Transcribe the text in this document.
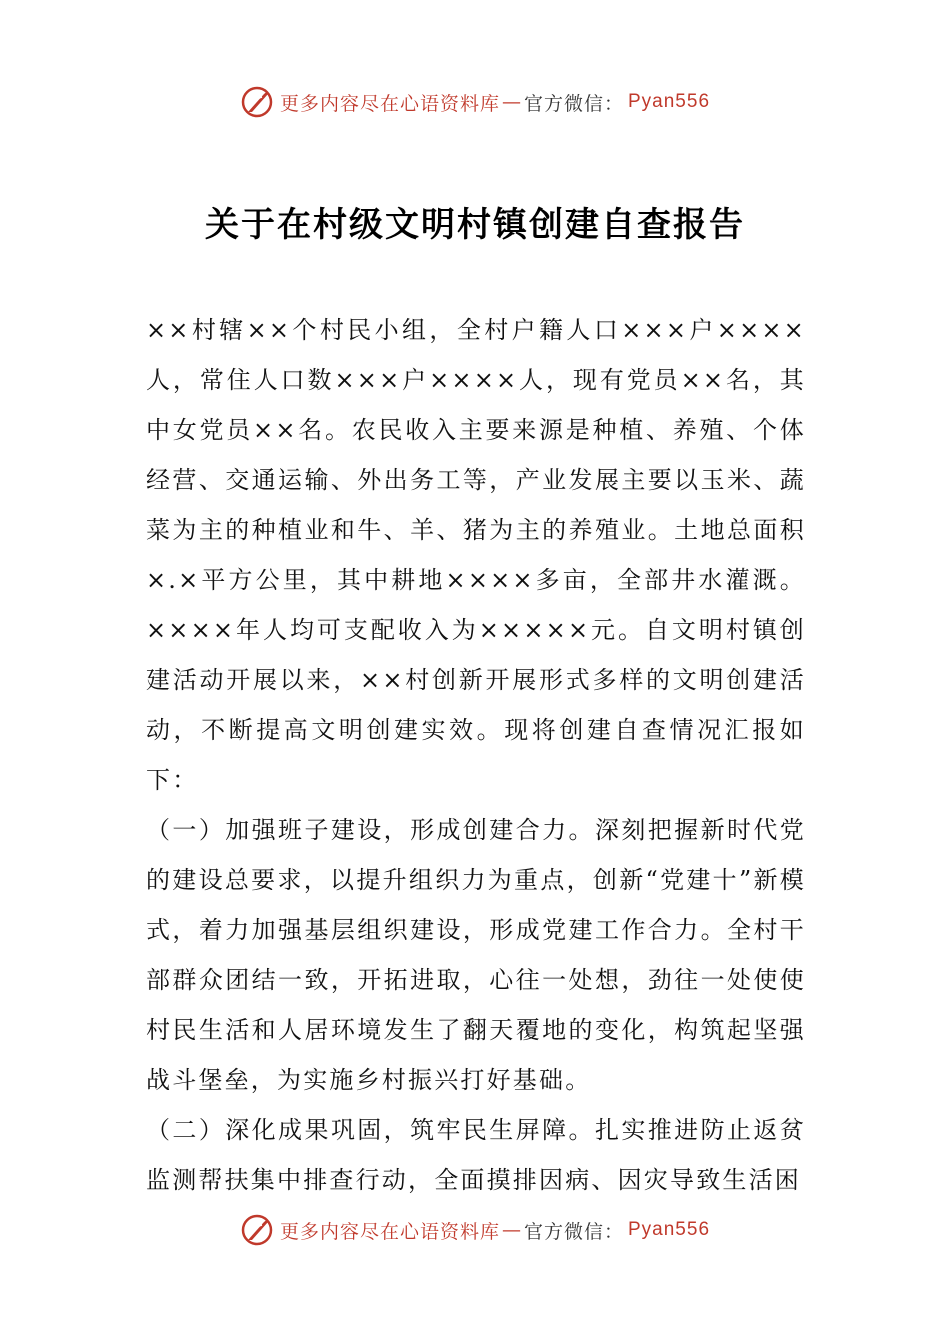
更多内容尽在心语资料库 — 官方微信： Pyan556
关于在村级文明村镇创建自查报告

××村辖××个村民小组，全村户籍人口×××户××××人，常住人口数×××户××××人，现有党员××名，其中女党员××名。农民收入主要来源是种植、养殖、个体经营、交通运输、外出务工等，产业发展主要以玉米、蔬菜为主的种植业和牛、羊、猪为主的养殖业。土地总面积×.×平方公里，其中耕地××××多亩，全部井水灌溉。××××年人均可支配收入为×××××元。自文明村镇创建活动开展以来，××村创新开展形式多样的文明创建活动，不断提高文明创建实效。现将创建自查情况汇报如下：

（一）加强班子建设，形成创建合力。深刻把握新时代党的建设总要求，以提升组织力为重点，创新“党建十”新模式，着力加强基层组织建设，形成党建工作合力。全村干部群众团结一致，开拓进取，心往一处想，劲往一处使使村民生活和人居环境发生了翻天覆地的变化，构筑起坚强战斗堡垒，为实施乡村振兴打好基础。

（二）深化成果巩固，筑牢民生屏障。扎实推进防止返贫监测帮扶集中排查行动，全面摸排因病、因灾导致生活困

更多内容尽在心语资料库 — 官方微信： Pyan556
